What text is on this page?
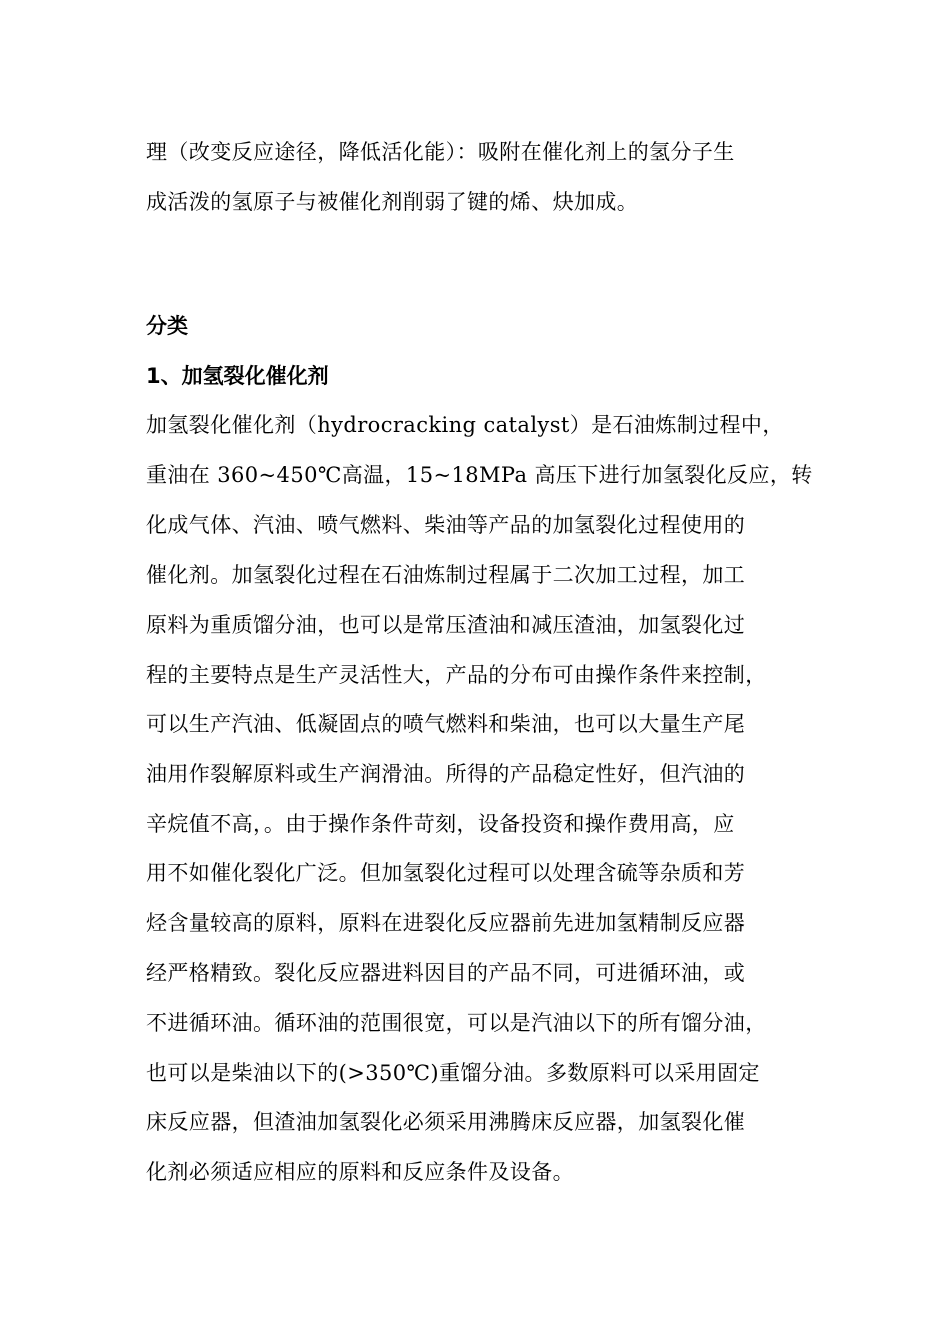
理（改变反应途径，降低活化能）：吸附在催化剂上的氢分子生
成活泼的氢原子与被催化剂削弱了键的烯、炔加成。
分类
1、加氢裂化催化剂
加氢裂化催化剂（hydrocracking catalyst）是石油炼制过程中，
重油在 360~450℃高温，15~18MPa 高压下进行加氢裂化反应，转
化成气体、汽油、喷气燃料、柴油等产品的加氢裂化过程使用的
催化剂。加氢裂化过程在石油炼制过程属于二次加工过程，加工
原料为重质馏分油，也可以是常压渣油和减压渣油，加氢裂化过
程的主要特点是生产灵活性大，产品的分布可由操作条件来控制，
可以生产汽油、低凝固点的喷气燃料和柴油，也可以大量生产尾
油用作裂解原料或生产润滑油。所得的产品稳定性好，但汽油的
辛烷值不高，。由于操作条件苛刻，设备投资和操作费用高，应
用不如催化裂化广泛。但加氢裂化过程可以处理含硫等杂质和芳
烃含量较高的原料，原料在进裂化反应器前先进加氢精制反应器
经严格精致。裂化反应器进料因目的产品不同，可进循环油，或
不进循环油。循环油的范围很宽，可以是汽油以下的所有馏分油，
也可以是柴油以下的(>350℃)重馏分油。多数原料可以采用固定
床反应器，但渣油加氢裂化必须采用沸腾床反应器，加氢裂化催
化剂必须适应相应的原料和反应条件及设备。
